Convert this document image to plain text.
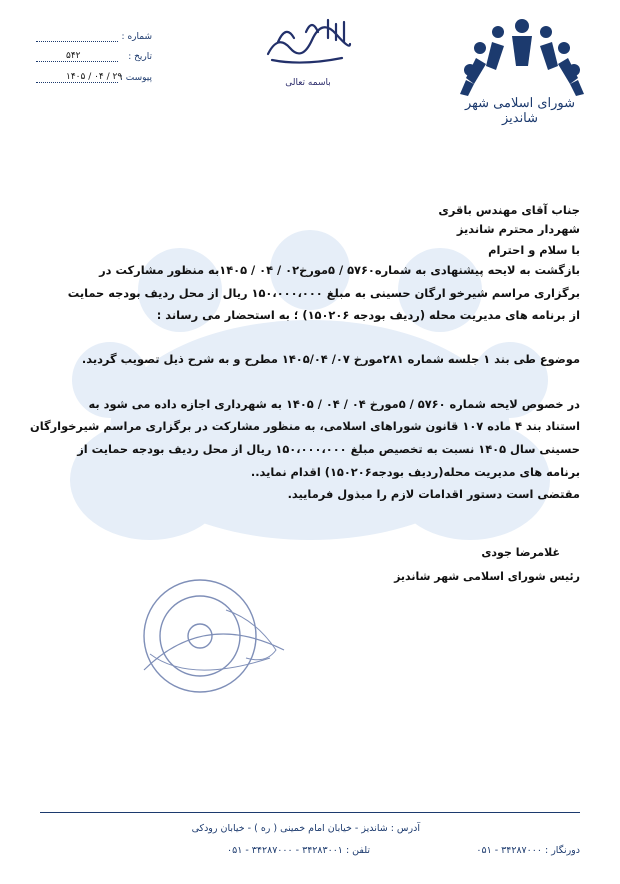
شورای اسلامی شهر شاندیز
باسمه تعالی
شماره :
تاریخ :
۵۴۲
پیوست :
۱۴۰۵ / ۰۴ / ۲۹
جناب آقای مهندس باقری
شهردار محترم شاندیز
با سلام و احترام
بازگشت به لایحه پیشنهادی به شماره۵۷۶۰ / ۵مورخ۰۲ / ۰۴ / ۱۴۰۵به منظور مشارکت در
برگزاری مراسم شیرخو ارگان حسینی به مبلغ ۱۵۰،۰۰۰،۰۰۰ ریال از محل ردیف بودجه حمایت
از برنامه های مدیریت محله (ردیف بودجه ۱۵۰۲۰۶) ؛ به استحضار می رساند :
موضوع طی بند ۱ جلسه شماره ۲۸۱مورخ ۰۷/ ۱۴۰۵/۰۴ مطرح و به شرح ذیل تصویب گردید.
در خصوص لایحه شماره ۵۷۶۰ / ۵مورخ ۰۴ / ۰۴ / ۱۴۰۵ به شهرداری اجازه داده می شود به
استناد بند ۴ ماده ۱۰۷ قانون شوراهای اسلامی، به منظور مشارکت در برگزاری مراسم شیرخوارگان
حسینی سال ۱۴۰۵ نسبت به تخصیص مبلغ ۱۵۰،۰۰۰،۰۰۰ ریال از محل ردیف بودجه حمایت از
برنامه های مدیریت محله(ردیف بودجه۱۵۰۲۰۶) اقدام نماید..
مقتضی است دستور اقدامات لازم را مبذول فرمایید.
غلامرضا جودی
رئیس شورای اسلامی شهر شاندیز
آدرس : شاندیز - خیابان امام خمینی ( ره ) - خیابان رودکی
تلفن : ۳۴۲۸۳۰۰۱ - ۳۴۲۸۷۰۰۰ - ۰۵۱	دورنگار : ۳۴۲۸۷۰۰۰ - ۰۵۱
